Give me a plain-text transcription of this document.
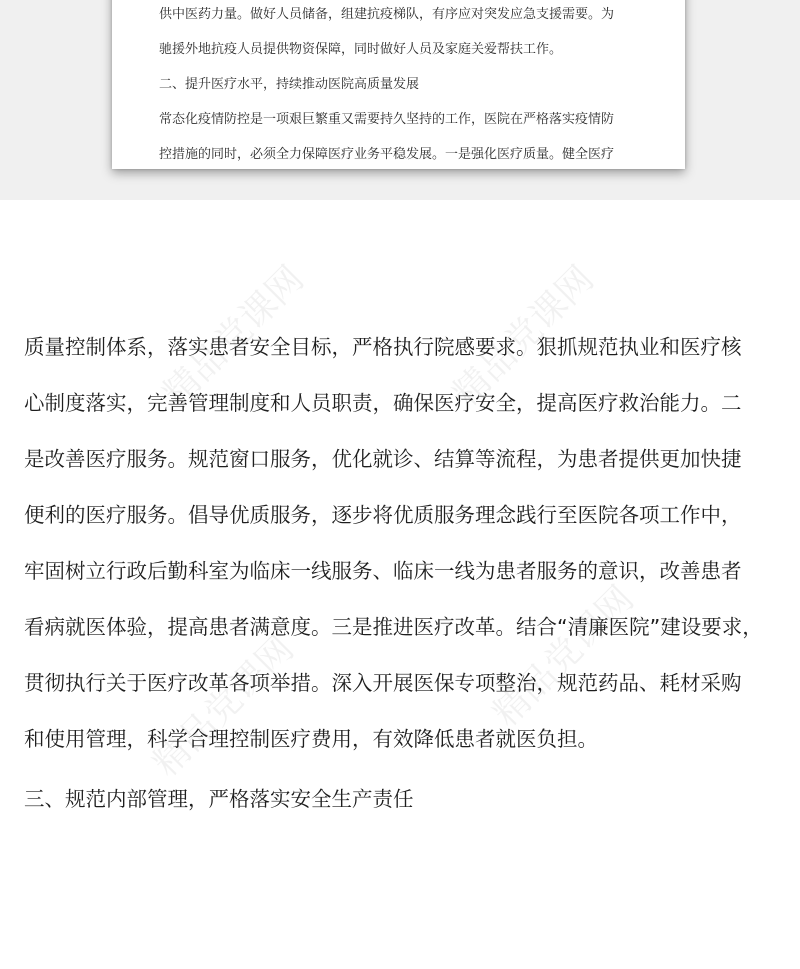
供中医药力量。做好人员储备，组建抗疫梯队，有序应对突发应急支援需要。为
驰援外地抗疫人员提供物资保障，同时做好人员及家庭关爱帮扶工作。
二、提升医疗水平，持续推动医院高质量发展
常态化疫情防控是一项艰巨繁重又需要持久坚持的工作，医院在严格落实疫情防
控措施的同时，必须全力保障医疗业务平稳发展。一是强化医疗质量。健全医疗
精品党课网	精品党课网
精品党课网	精品党课网
质量控制体系，落实患者安全目标，严格执行院感要求。狠抓规范执业和医疗核
心制度落实，完善管理制度和人员职责，确保医疗安全，提高医疗救治能力。二
是改善医疗服务。规范窗口服务，优化就诊、结算等流程，为患者提供更加快捷
便利的医疗服务。倡导优质服务，逐步将优质服务理念践行至医院各项工作中，
牢固树立行政后勤科室为临床一线服务、临床一线为患者服务的意识，改善患者
看病就医体验，提高患者满意度。三是推进医疗改革。结合“清廉医院”建设要求，
贯彻执行关于医疗改革各项举措。深入开展医保专项整治，规范药品、耗材采购
和使用管理，科学合理控制医疗费用，有效降低患者就医负担。
三、规范内部管理，严格落实安全生产责任
